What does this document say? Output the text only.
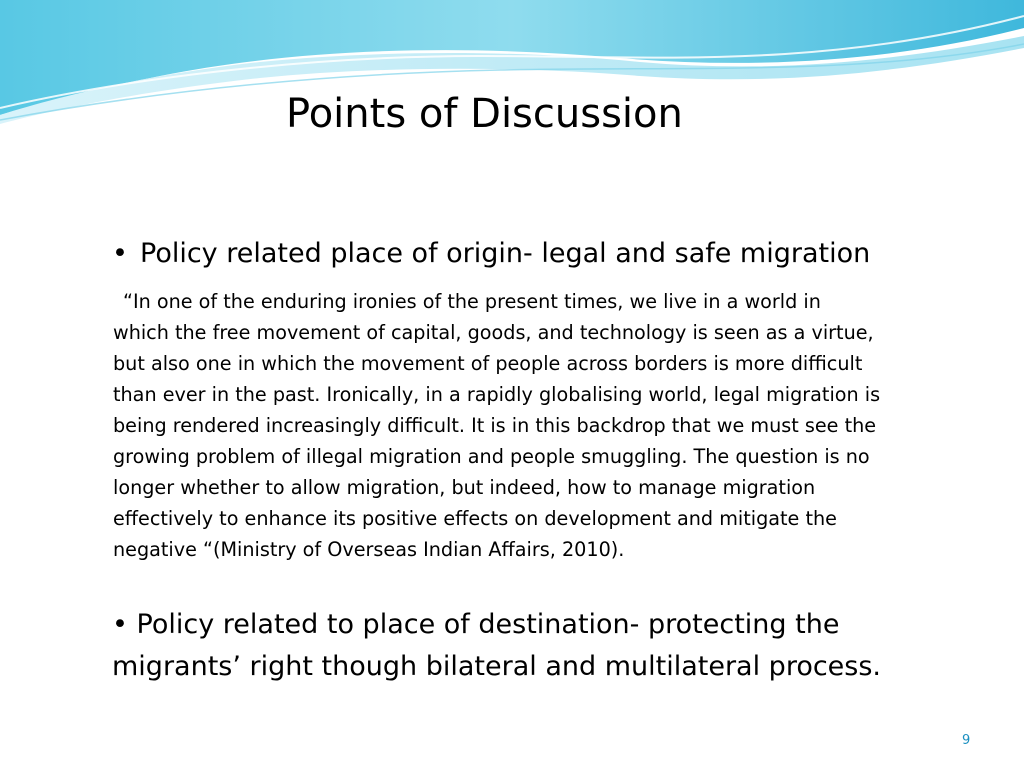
Points of Discussion
• Policy related place of origin- legal and safe migration
“In one of the enduring ironies of the present times, we live in a world in
which the free movement of capital, goods, and technology is seen as a virtue,
but also one in which the movement of people across borders is more difficult
than ever in the past. Ironically, in a rapidly globalising world, legal migration is
being rendered increasingly difficult. It is in this backdrop that we must see the
growing problem of illegal migration and people smuggling. The question is no
longer whether to allow migration, but indeed, how to manage migration
effectively to enhance its positive effects on development and mitigate the
negative “(Ministry of Overseas Indian Affairs, 2010).
• Policy related to place of destination- protecting the
migrants’ right though bilateral and multilateral process.
9
